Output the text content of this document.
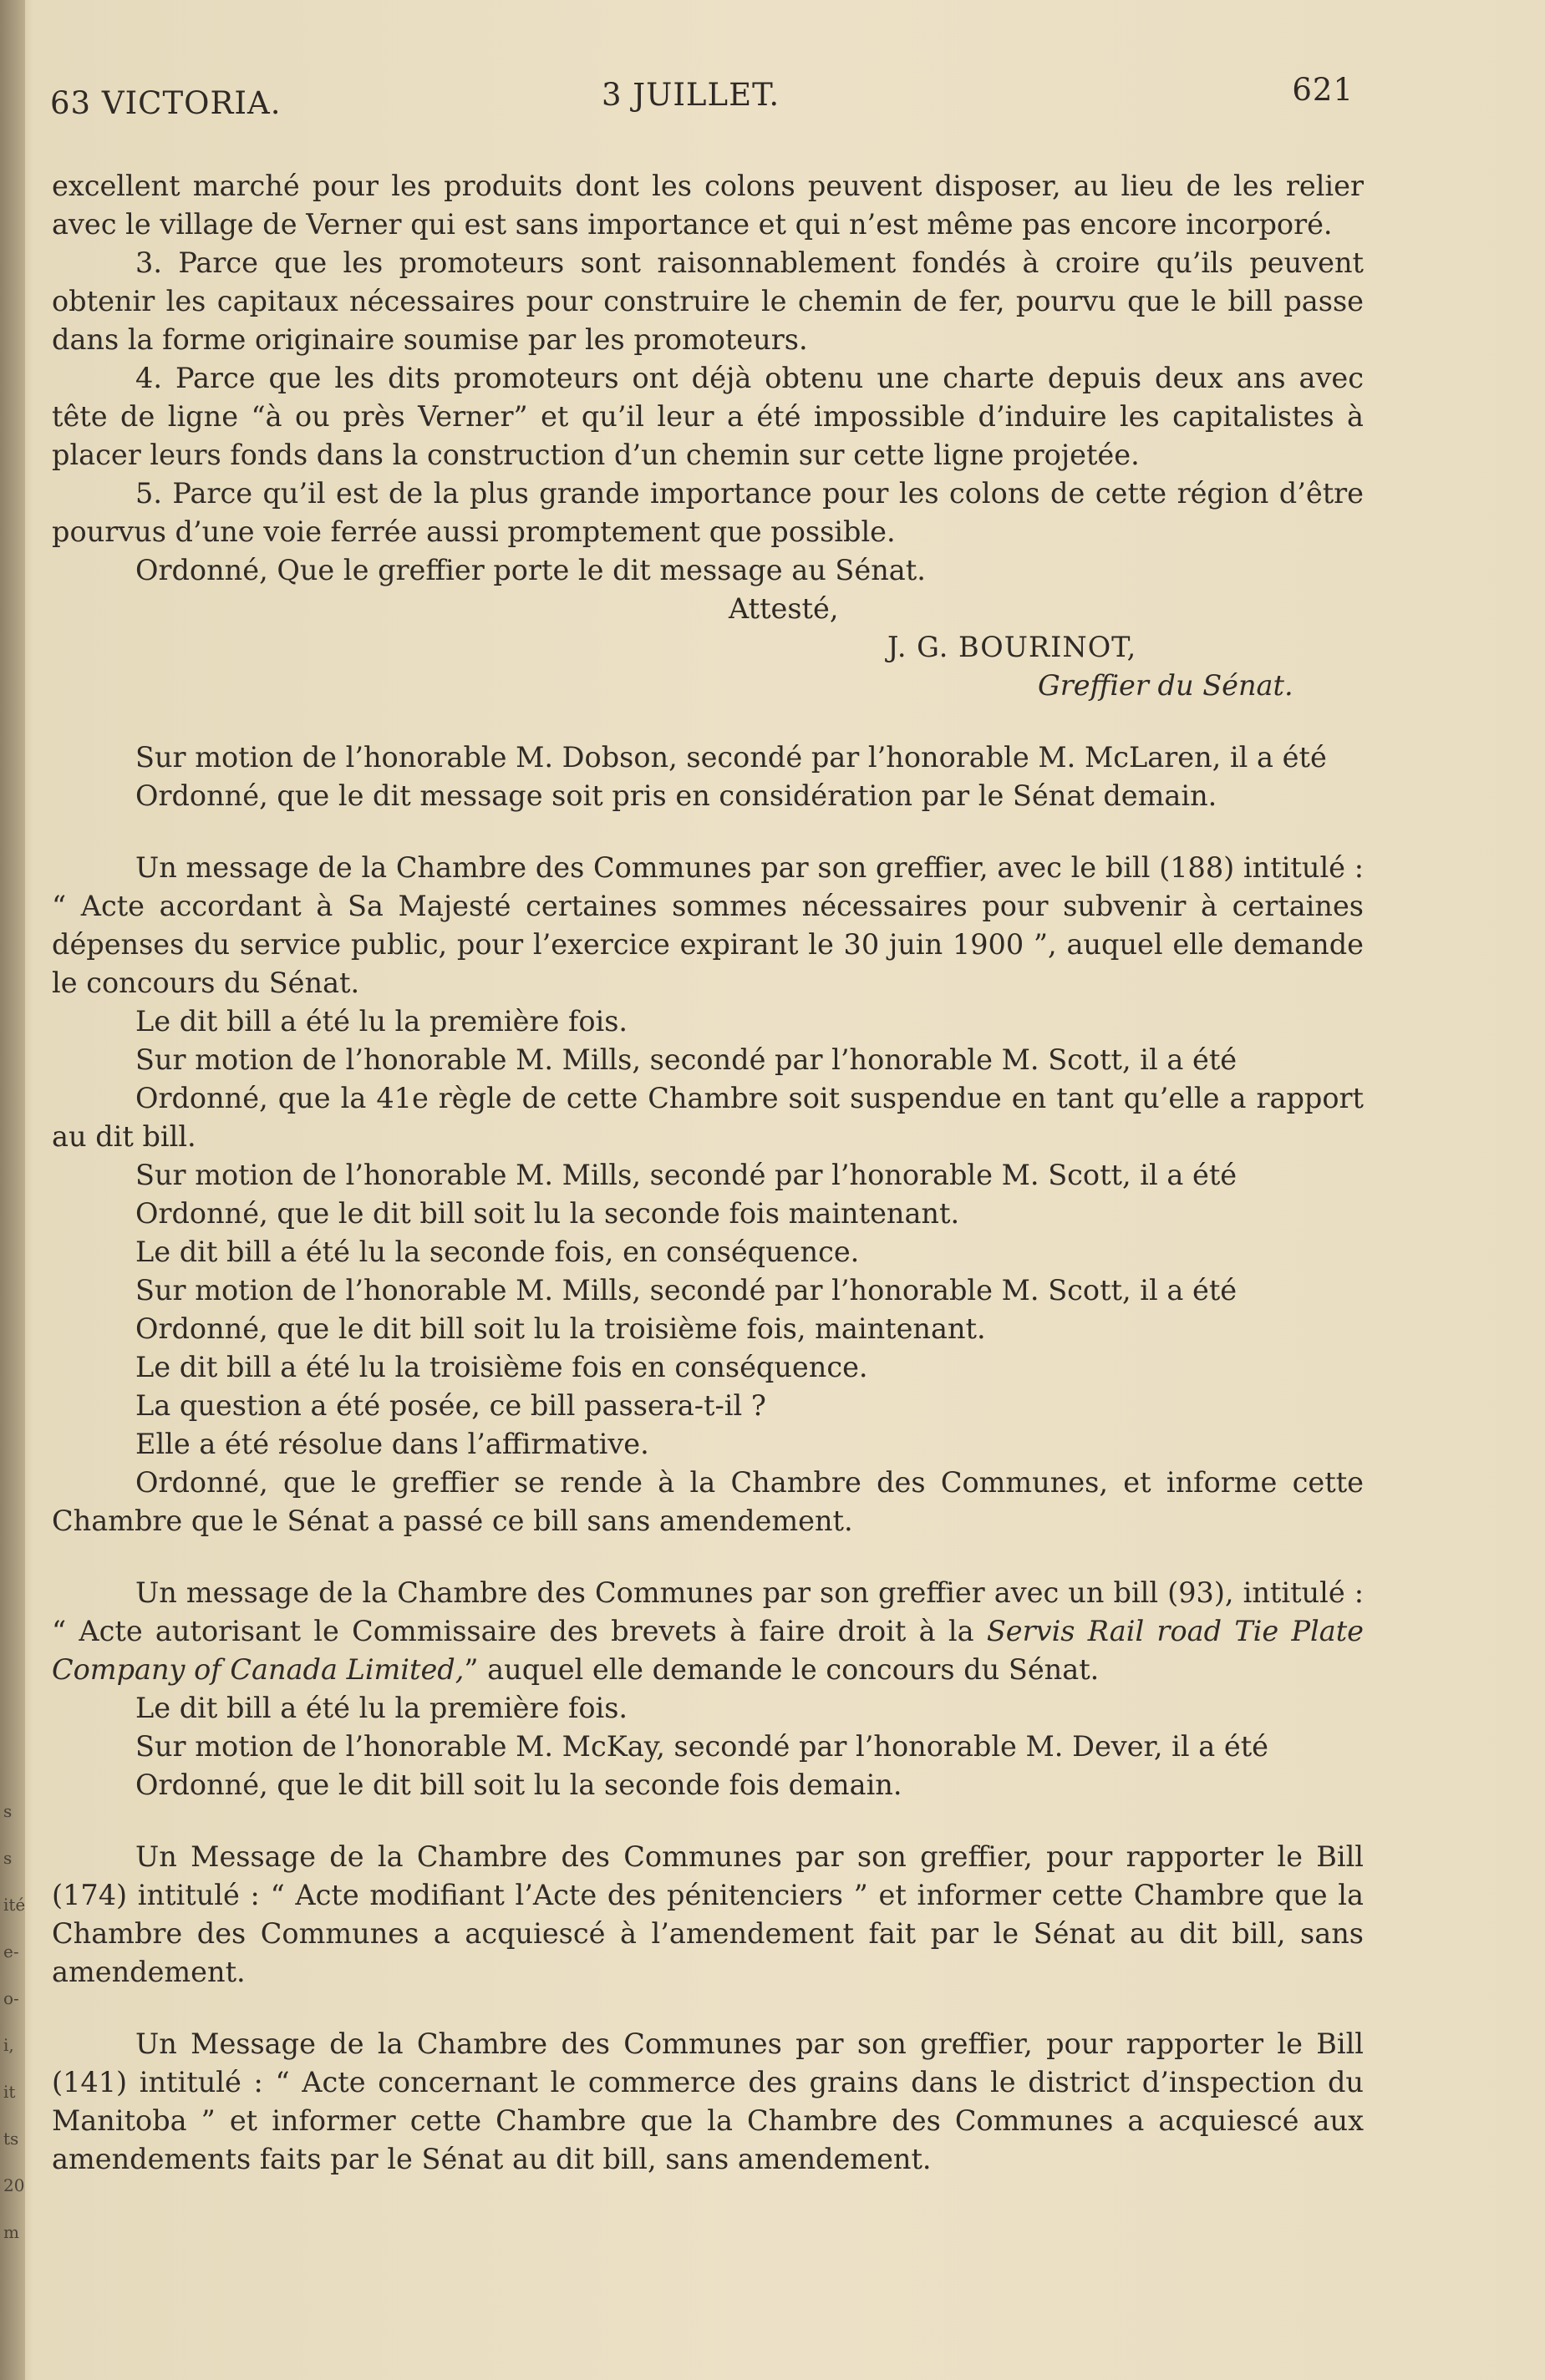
s
s
ité
e-
o-
i,
it
ts
20
m
63 VICTORIA.	3 JUILLET.	621

excellent marché pour les produits dont les colons peuvent disposer, au lieu de les relier avec le village de Verner qui est sans importance et qui n’est même pas encore incorporé.

3. Parce que les promoteurs sont raisonnablement fondés à croire qu’ils peuvent obtenir les capitaux nécessaires pour construire le chemin de fer, pourvu que le bill passe dans la forme originaire soumise par les promoteurs.

4. Parce que les dits promoteurs ont déjà obtenu une charte depuis deux ans avec tête de ligne “à ou près Verner” et qu’il leur a été impossible d’induire les capitalistes à placer leurs fonds dans la construction d’un chemin sur cette ligne projetée.

5. Parce qu’il est de la plus grande importance pour les colons de cette région d’être pourvus d’une voie ferrée aussi promptement que possible.

Ordonné, Que le greffier porte le dit message au Sénat.

Attesté,

J. G. BOURINOT,

Greffier du Sénat.

Sur motion de l’honorable M. Dobson, secondé par l’honorable M. McLaren, il a été

Ordonné, que le dit message soit pris en considération par le Sénat demain.

Un message de la Chambre des Communes par son greffier, avec le bill (188) intitulé : “ Acte accordant à Sa Majesté certaines sommes nécessaires pour subvenir à certaines dépenses du service public, pour l’exercice expirant le 30 juin 1900 ”, auquel elle demande le concours du Sénat.

Le dit bill a été lu la première fois.

Sur motion de l’honorable M. Mills, secondé par l’honorable M. Scott, il a été

Ordonné, que la 41e règle de cette Chambre soit suspendue en tant qu’elle a rapport au dit bill.

Sur motion de l’honorable M. Mills, secondé par l’honorable M. Scott, il a été

Ordonné, que le dit bill soit lu la seconde fois maintenant.

Le dit bill a été lu la seconde fois, en conséquence.

Sur motion de l’honorable M. Mills, secondé par l’honorable M. Scott, il a été

Ordonné, que le dit bill soit lu la troisième fois, maintenant.

Le dit bill a été lu la troisième fois en conséquence.

La question a été posée, ce bill passera-t-il ?

Elle a été résolue dans l’affirmative.

Ordonné, que le greffier se rende à la Chambre des Communes, et informe cette Chambre que le Sénat a passé ce bill sans amendement.

Un message de la Chambre des Communes par son greffier avec un bill (93), intitulé : “ Acte autorisant le Commissaire des brevets à faire droit à la Servis Rail road Tie Plate Company of Canada Limited,” auquel elle demande le concours du Sénat.

Le dit bill a été lu la première fois.

Sur motion de l’honorable M. McKay, secondé par l’honorable M. Dever, il a été

Ordonné, que le dit bill soit lu la seconde fois demain.

Un Message de la Chambre des Communes par son greffier, pour rapporter le Bill (174) intitulé : “ Acte modifiant l’Acte des pénitenciers ” et informer cette Chambre que la Chambre des Communes a acquiescé à l’amendement fait par le Sénat au dit bill, sans amendement.

Un Message de la Chambre des Communes par son greffier, pour rapporter le Bill (141) intitulé : “ Acte concernant le commerce des grains dans le district d’inspection du Manitoba ” et informer cette Chambre que la Chambre des Communes a acquiescé aux amendements faits par le Sénat au dit bill, sans amendement.
